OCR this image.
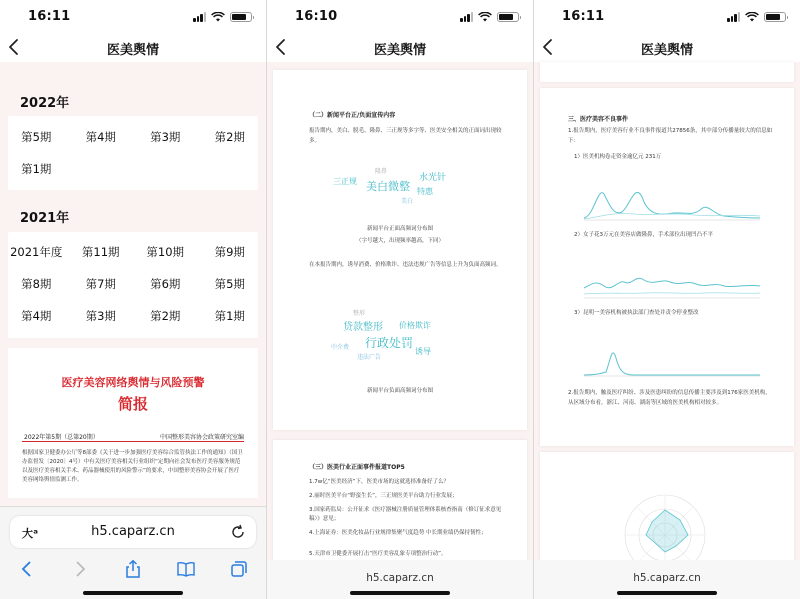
16:11
医美舆情
2022年
第5期	第4期	第3期	第2期
第1期
2021年
2021年度	第11期	第10期	第9期
第8期	第7期	第6期	第5期
第4期	第3期	第2期	第1期
医疗美容网络舆情与风险预警
简报
2022年第5期（总第20期）	中国整形美容协会政策研究室编
根据国家卫健委办公厅等8部委《关于进一步加强医疗美容综合监管执法工作的通知》（国卫办监督发〔2020〕4号）中有关医疗美容相关行业组织“定期向社会发布医疗美容服务规范以及医疗美容相关手术、药品器械使用的风险警示”的要求，中国整形美容协会开展了医疗美容网络舆情监测工作。
大ᵃ	h5.caparz.cn
16:10
医美舆情
（二）新闻平台正/负面宣传内容
报告期内，美白、脱毛、隆鼻、三正规等多字等、医美安全相关的正面词出现较多。
三正规 美白微整
水光针
特惠
隆鼻
美白
新闻平台正面高频词分布图
（字号越大，出现频率越高，下同）
在本报告期内，诱导消费、价格欺诈、违法违规广告等信息上升为负面高频词。
贷款整形 价格欺诈
行政处罚
诱导
违法广告
中介费
整形
新闻平台负面高频词分布图
（三）医美行业正面事件报道TOP5
1.7w亿“医美经济”下，医美市场的这就选择准备好了么？
2.丽时医美平台“野蛮生长”，三正规医美平台助力行业发展；
3.国家药监局：公开征求《医疗器械注册质量管理体系核查指南（修订征求意见稿）》意见；
4.上海证券：医美化妆品行业规律集聚气度趋势 中长期业绩仍保持韧性；
5.天津市卫健委开展打击“医疗美容乱象专项整治行动”。
h5.caparz.cn
16:11
医美舆情
三、医疗美容不良事件
1.报告期内，医疗美容行业不良事件报道共27856条，其中部分传播量较大的信息如下：
1）医美机构卷走资金逾亿元 231万
2）女子花3万元在美容店做隆鼻，手术部位出现凹凸不平
3）昆明一美容机构被执法部门查处并责令停业整改
2.报告期内，触及医疗纠纷、涉及医患纠纷的信息传播主要涉及到176家医美机构，从区域分布看，浙江、河南、湖南等区域的医美机构相对较多。
h5.caparz.cn
